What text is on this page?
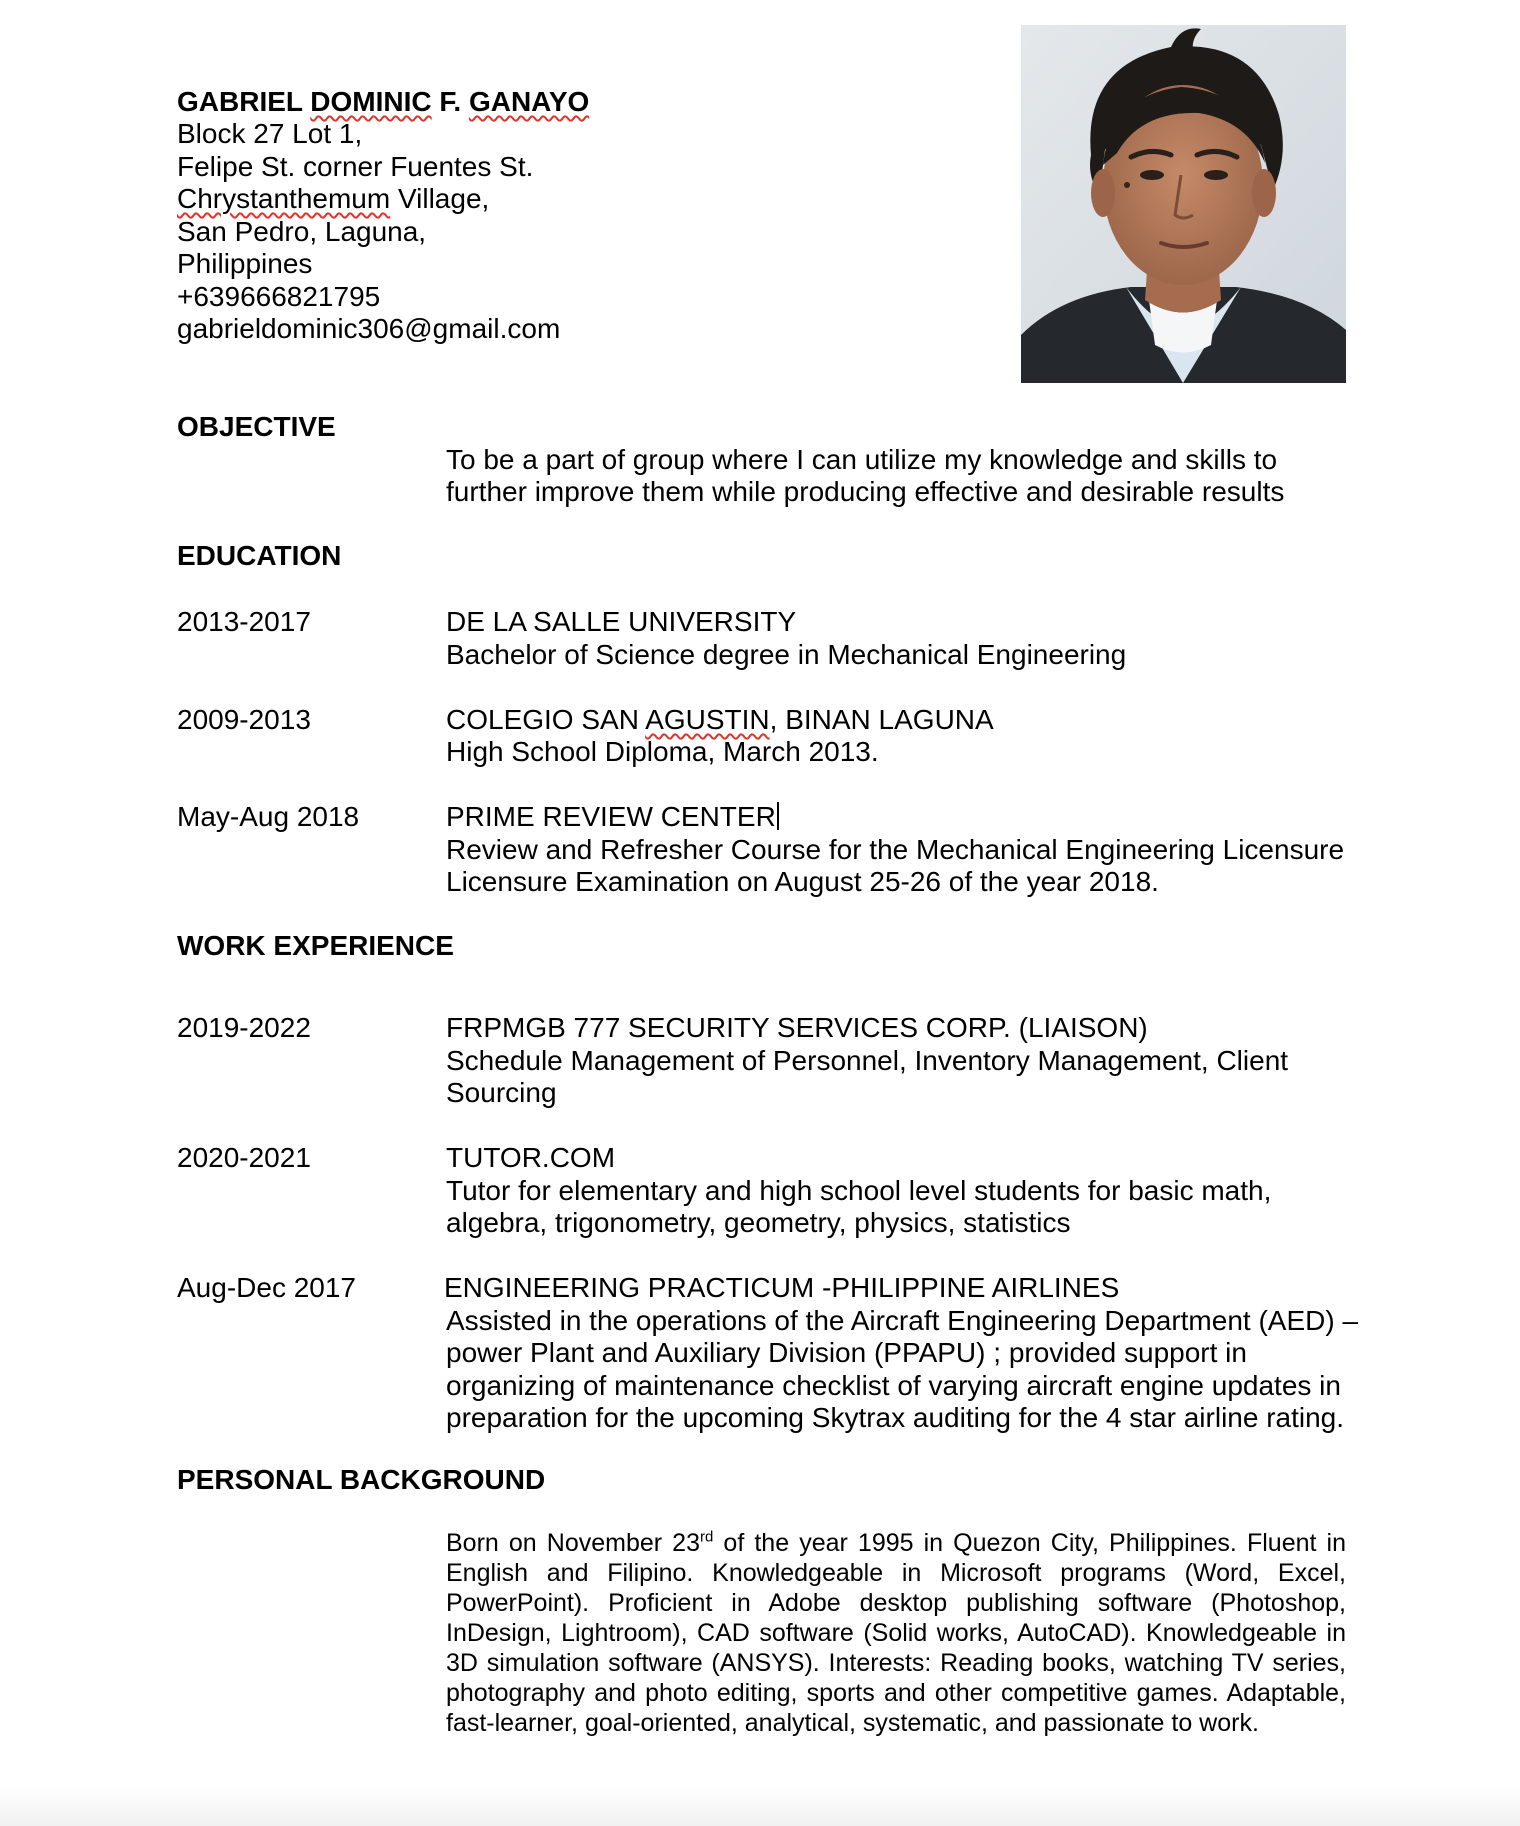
GABRIEL DOMINIC F. GANAYO
Block 27 Lot 1,
Felipe St. corner Fuentes St.
Chrystanthemum Village,
San Pedro, Laguna,
Philippines
+639666821795
gabrieldominic306@gmail.com
OBJECTIVE
To be a part of group where I can utilize my knowledge and skills to
further improve them while producing effective and desirable results
EDUCATION
2013-2017	DE LA SALLE UNIVERSITY
Bachelor of Science degree in Mechanical Engineering
2009-2013	COLEGIO SAN AGUSTIN, BINAN LAGUNA
High School Diploma, March 2013.
May-Aug 2018	PRIME REVIEW CENTER
Review and Refresher Course for the Mechanical Engineering Licensure
Licensure Examination on August 25-26 of the year 2018.
WORK EXPERIENCE
2019-2022	FRPMGB 777 SECURITY SERVICES CORP. (LIAISON)
Schedule Management of Personnel, Inventory Management, Client
Sourcing
2020-2021	TUTOR.COM
Tutor for elementary and high school level students for basic math,
algebra, trigonometry, geometry, physics, statistics
Aug-Dec 2017	ENGINEERING PRACTICUM -PHILIPPINE AIRLINES
Assisted in the operations of the Aircraft Engineering Department (AED) –
power Plant and Auxiliary Division (PPAPU) ; provided support in
organizing of maintenance checklist of varying aircraft engine updates in
preparation for the upcoming Skytrax auditing for the 4 star airline rating.
PERSONAL BACKGROUND
Born on November 23rd of the year 1995 in Quezon City, Philippines. Fluent in English and Filipino. Knowledgeable in Microsoft programs (Word, Excel, PowerPoint). Proficient in Adobe desktop publishing software (Photoshop, InDesign, Lightroom), CAD software (Solid works, AutoCAD). Knowledgeable in 3D simulation software (ANSYS). Interests: Reading books, watching TV series, photography and photo editing, sports and other competitive games. Adaptable, fast-learner, goal-oriented, analytical, systematic, and passionate to work.
